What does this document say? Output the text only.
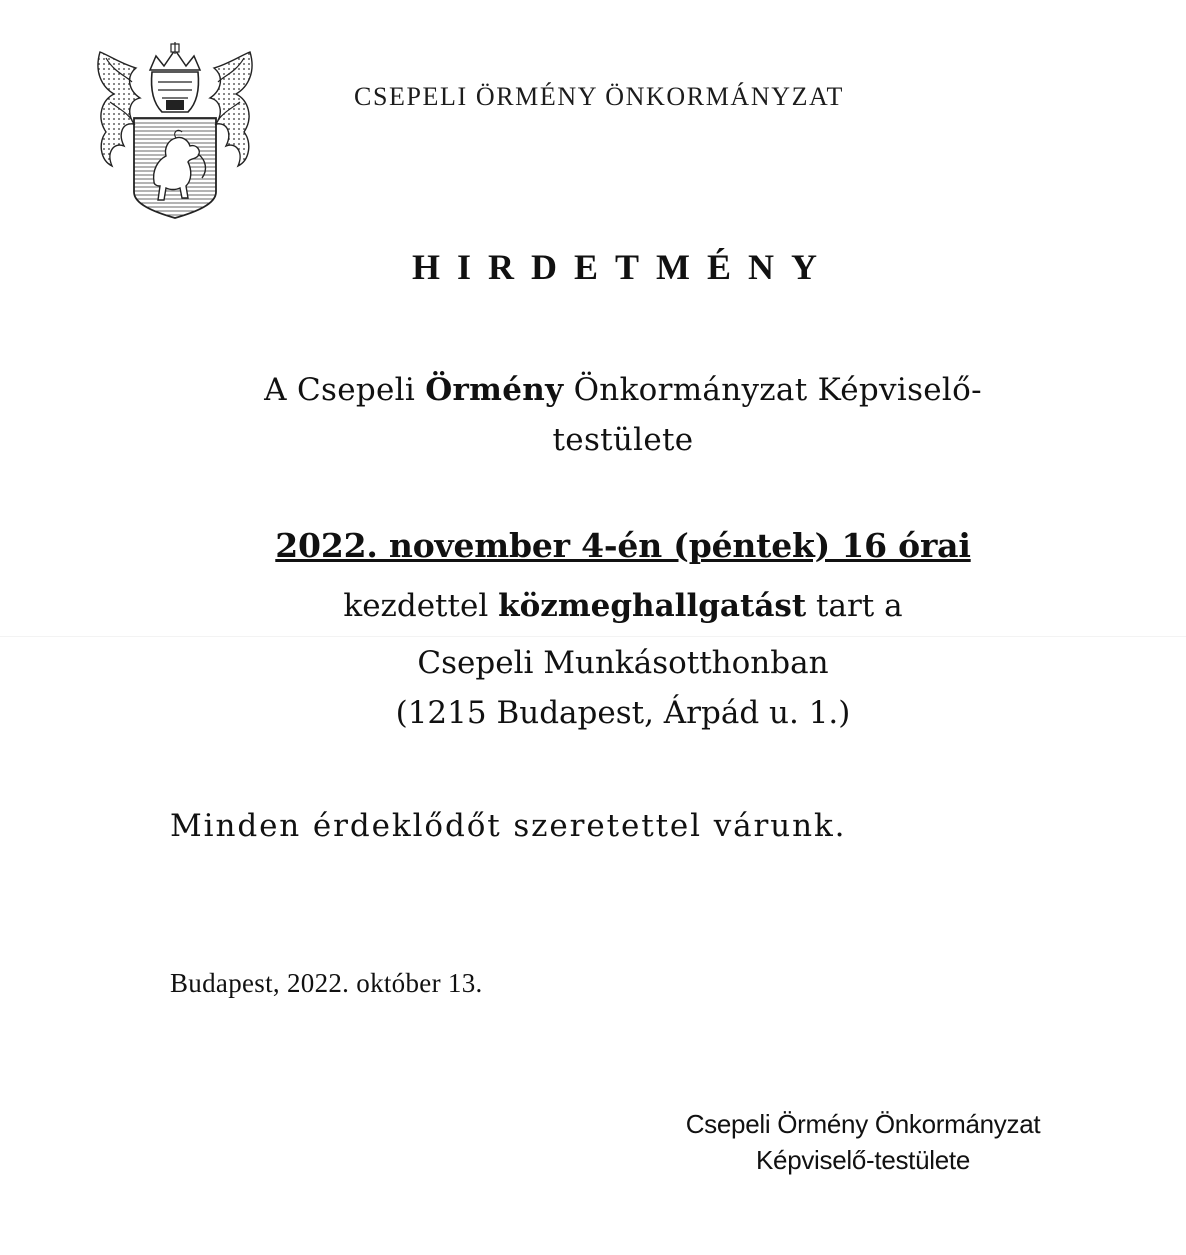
CSEPELI ÖRMÉNY ÖNKORMÁNYZAT
HIRDETMÉNY
A Csepeli Örmény Önkormányzat Képviselő-
testülete
2022. november 4-én (péntek) 16 órai
kezdettel közmeghallgatást tart a
Csepeli Munkásotthonban
(1215 Budapest, Árpád u. 1.)
Minden érdeklődőt szeretettel várunk.
Budapest, 2022. október 13.
Csepeli Örmény Önkormányzat
Képviselő-testülete
